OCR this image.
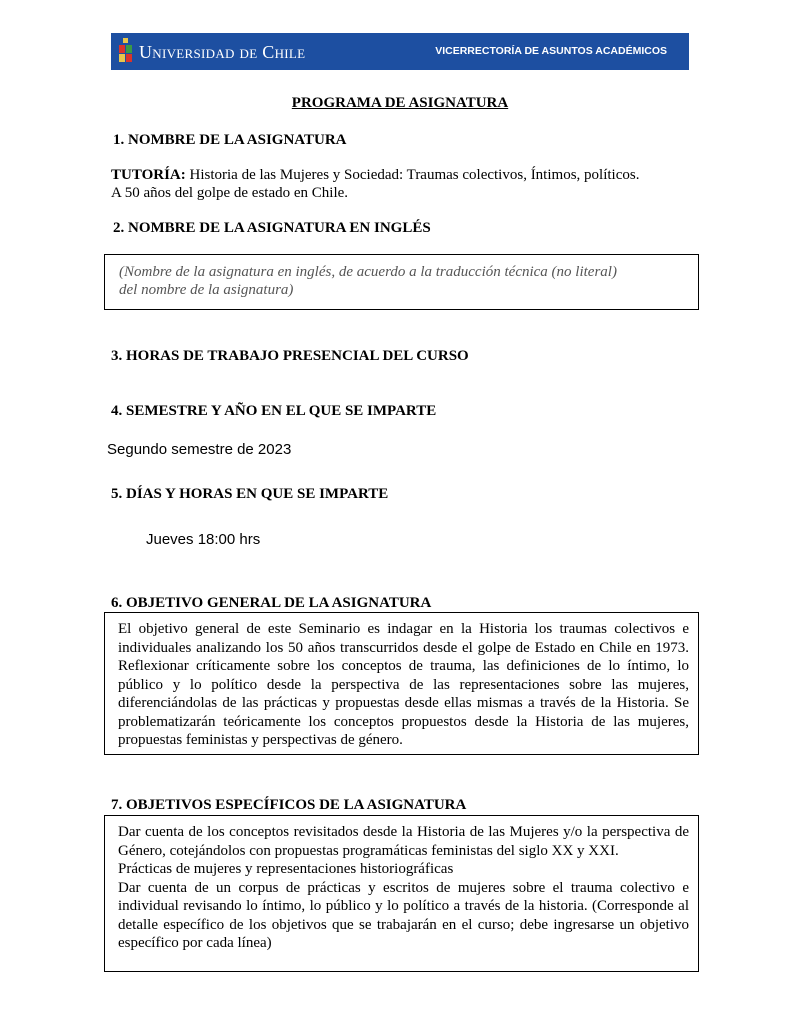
Universidad de Chile	VICERRECTORÍA DE ASUNTOS ACADÉMICOS
PROGRAMA DE ASIGNATURA
1. NOMBRE DE LA ASIGNATURA
TUTORÍA: Historia de las Mujeres y Sociedad: Traumas colectivos, Íntimos, políticos.
A 50 años del golpe de estado en Chile.
2. NOMBRE DE LA ASIGNATURA EN INGLÉS
(Nombre de la asignatura en inglés, de acuerdo a la traducción técnica (no literal)
del nombre de la asignatura)
3. HORAS DE TRABAJO PRESENCIAL DEL CURSO
4. SEMESTRE Y AÑO EN EL QUE SE IMPARTE
Segundo semestre de 2023
5. DÍAS Y HORAS EN QUE SE IMPARTE
Jueves 18:00 hrs
6. OBJETIVO GENERAL DE LA ASIGNATURA
El objetivo general de este Seminario es indagar en la Historia los traumas colectivos e individuales analizando los 50 años transcurridos desde el golpe de Estado en Chile en 1973. Reflexionar críticamente sobre los conceptos de trauma, las definiciones de lo íntimo, lo público y lo político desde la perspectiva de las representaciones sobre las mujeres, diferenciándolas de las prácticas y propuestas desde ellas mismas a través de la Historia. Se problematizarán teóricamente los conceptos propuestos desde la Historia de las mujeres, propuestas feministas y perspectivas de género.
7. OBJETIVOS ESPECÍFICOS DE LA ASIGNATURA
Dar cuenta de los conceptos revisitados desde la Historia de las Mujeres y/o la perspectiva de Género, cotejándolos con propuestas programáticas feministas del siglo XX y XXI.
Prácticas de mujeres y representaciones historiográficas
Dar cuenta de un corpus de prácticas y escritos de mujeres sobre el trauma colectivo e individual revisando lo íntimo, lo público y lo político a través de la historia. (Corresponde al detalle específico de los objetivos que se trabajarán en el curso; debe ingresarse un objetivo específico por cada línea)
